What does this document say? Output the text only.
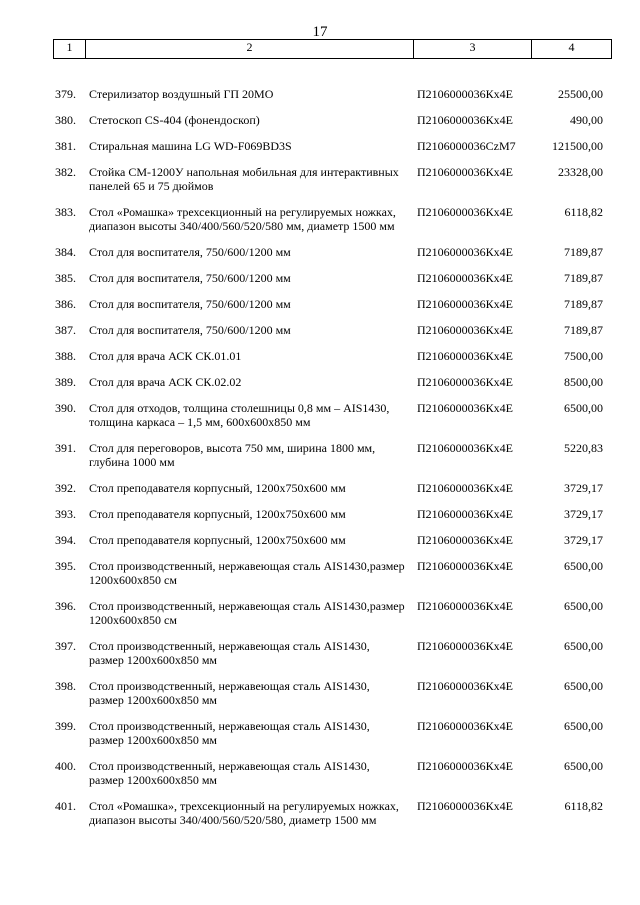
17
1	2	3	4
379.	Стерилизатор воздушный ГП 20МО	П2106000036Кх4Е	25500,00
380.	Стетоскоп CS-404 (фонендоскоп)	П2106000036Кх4Е	490,00
381.	Стиральная машина LG WD-F069BD3S	П2106000036CzM7	121500,00
382.	Стойка СМ-1200У напольная мобильная для интерактивных панелей 65 и 75 дюймов	П2106000036Кх4Е	23328,00
383.	Стол «Ромашка» трехсекционный на регулируемых ножках, диапазон высоты 340/400/560/520/580 мм, диаметр 1500 мм	П2106000036Кх4Е	6118,82
384.	Стол для воспитателя, 750/600/1200 мм	П2106000036Кх4Е	7189,87
385.	Стол для воспитателя, 750/600/1200 мм	П2106000036Кх4Е	7189,87
386.	Стол для воспитателя, 750/600/1200 мм	П2106000036Кх4Е	7189,87
387.	Стол для воспитателя, 750/600/1200 мм	П2106000036Кх4Е	7189,87
388.	Стол для врача АСК СК.01.01	П2106000036Кх4Е	7500,00
389.	Стол для врача АСК СК.02.02	П2106000036Кх4Е	8500,00
390.	Стол для отходов, толщина столешницы 0,8 мм – AIS1430, толщина каркаса – 1,5 мм, 600х600х850 мм	П2106000036Кх4Е	6500,00
391.	Стол для переговоров, высота 750 мм, ширина 1800 мм, глубина 1000 мм	П2106000036Кх4Е	5220,83
392.	Стол преподавателя корпусный, 1200х750х600 мм	П2106000036Кх4Е	3729,17
393.	Стол преподавателя корпусный, 1200х750х600 мм	П2106000036Кх4Е	3729,17
394.	Стол преподавателя корпусный, 1200х750х600 мм	П2106000036Кх4Е	3729,17
395.	Стол производственный, нержавеющая сталь AIS1430,размер 1200х600х850 см	П2106000036Кх4Е	6500,00
396.	Стол производственный, нержавеющая сталь AIS1430,размер 1200х600х850 см	П2106000036Кх4Е	6500,00
397.	Стол производственный, нержавеющая сталь AIS1430, размер 1200х600х850 мм	П2106000036Кх4Е	6500,00
398.	Стол производственный, нержавеющая сталь AIS1430, размер 1200х600х850 мм	П2106000036Кх4Е	6500,00
399.	Стол производственный, нержавеющая сталь AIS1430, размер 1200х600х850 мм	П2106000036Кх4Е	6500,00
400.	Стол производственный, нержавеющая сталь AIS1430, размер 1200х600х850 мм	П2106000036Кх4Е	6500,00
401.	Стол «Ромашка», трехсекционный на регулируемых ножках, диапазон высоты 340/400/560/520/580, диаметр 1500 мм	П2106000036Кх4Е	6118,82
